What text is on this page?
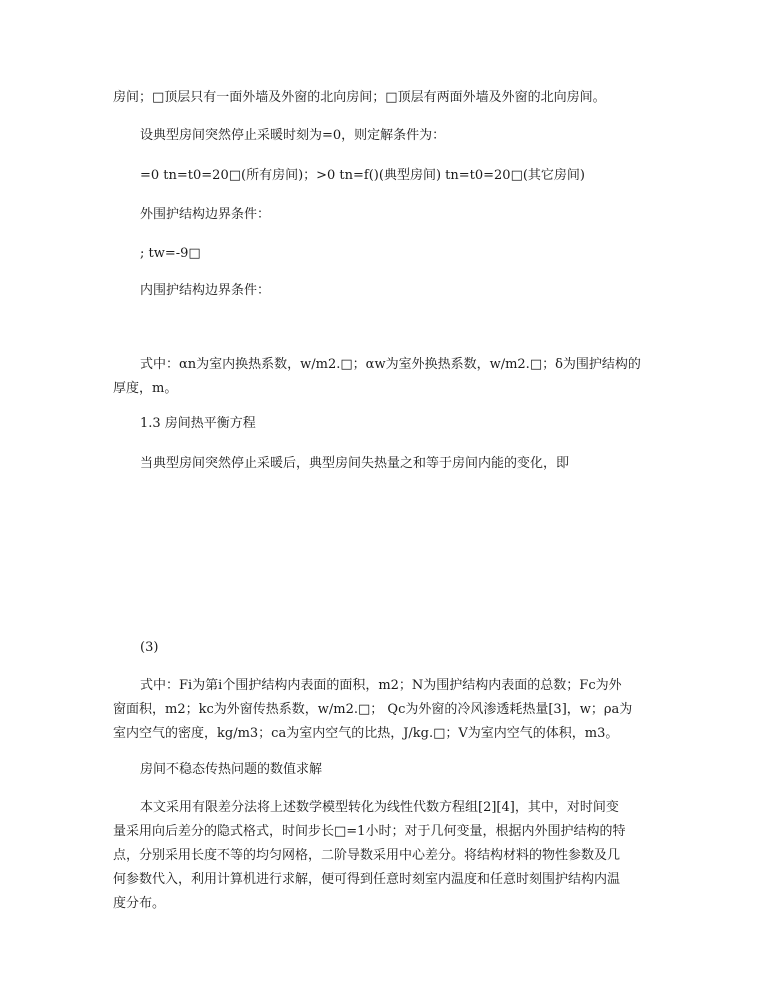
房间；□顶层只有一面外墙及外窗的北向房间；□顶层有两面外墙及外窗的北向房间。

设典型房间突然停止采暖时刻为=0，则定解条件为：

=0 tn=t0=20□(所有房间)；>0 tn=f()(典型房间) tn=t0=20□(其它房间)

外围护结构边界条件：

; tw=-9□

内围护结构边界条件：

式中：αn为室内换热系数，w/m2.□；αw为室外换热系数，w/m2.□；δ为围护结构的
厚度，m。

1.3 房间热平衡方程

当典型房间突然停止采暖后，典型房间失热量之和等于房间内能的变化，即

(3)

式中：Fi为第i个围护结构内表面的面积，m2；N为围护结构内表面的总数；Fc为外
窗面积，m2；kc为外窗传热系数，w/m2.□； Qc为外窗的冷风渗透耗热量[3]，w；ρa为
室内空气的密度，kg/m3；ca为室内空气的比热，J/kg.□；V为室内空气的体积，m3。

房间不稳态传热问题的数值求解

本文采用有限差分法将上述数学模型转化为线性代数方程组[2][4]，其中，对时间变
量采用向后差分的隐式格式，时间步长□=1小时；对于几何变量，根据内外围护结构的特
点，分别采用长度不等的均匀网格，二阶导数采用中心差分。将结构材料的物性参数及几
何参数代入，利用计算机进行求解，便可得到任意时刻室内温度和任意时刻围护结构内温
度分布。
